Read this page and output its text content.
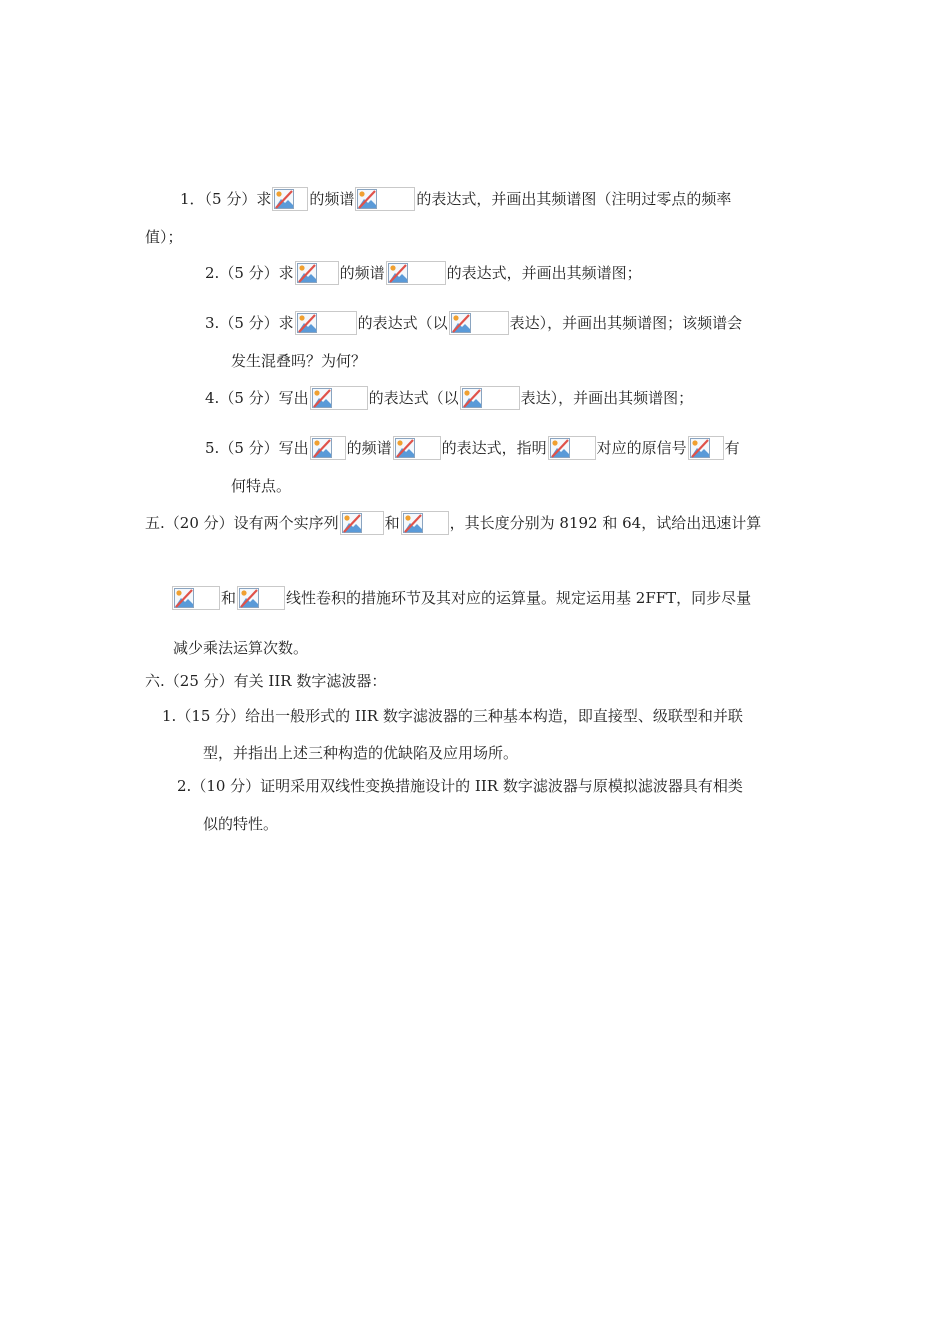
1．（5 分）求	的频谱	的表达式，并画出其频谱图（注明过零点的频率
值）；
2.（5 分）求	的频谱	的表达式，并画出其频谱图；
3.（5 分）求	的表达式（以	表达），并画出其频谱图；该频谱会
发生混叠吗？为何？
4.（5 分）写出	的表达式（以	表达），并画出其频谱图；
5.（5 分）写出	的频谱	的表达式，指明	对应的原信号	有
何特点。
五.（20 分）设有两个实序列	和	，其长度分别为 8192 和 64，试给出迅速计算
和	线性卷积的措施环节及其对应的运算量。规定运用基 2FFT，同步尽量
减少乘法运算次数。
六.（25 分）有关 IIR 数字滤波器：
1.（15 分）给出一般形式的 IIR 数字滤波器的三种基本构造，即直接型、级联型和并联
型，并指出上述三种构造的优缺陷及应用场所。
2.（10 分）证明采用双线性变换措施设计的 IIR 数字滤波器与原模拟滤波器具有相类
似的特性。
